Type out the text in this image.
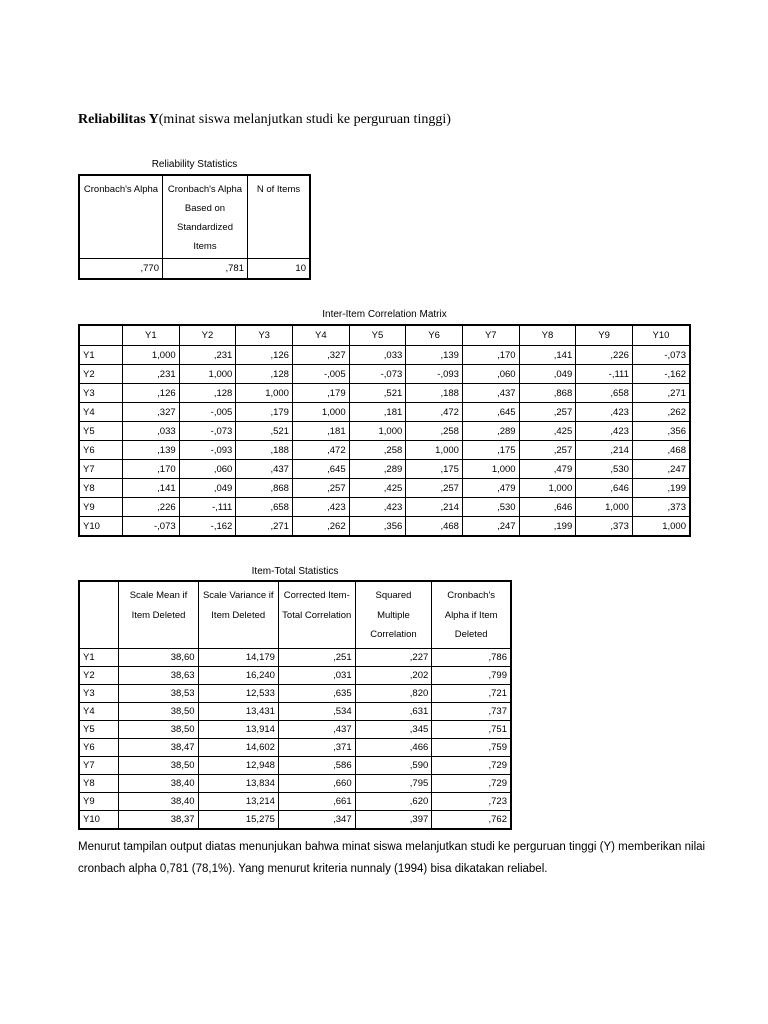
Reliabilitas Y(minat siswa melanjutkan studi ke perguruan tinggi)
Reliability Statistics
Cronbach's Alpha	Cronbach's Alpha Based on Standardized Items	N of Items
,770	,781	10
Inter-Item Correlation Matrix
	Y1	Y2	Y3	Y4	Y5	Y6	Y7	Y8	Y9	Y10
Y1	1,000	,231	,126	,327	,033	,139	,170	,141	,226	-,073
Y2	,231	1,000	,128	-,005	-,073	-,093	,060	,049	-,111	-,162
Y3	,126	,128	1,000	,179	,521	,188	,437	,868	,658	,271
Y4	,327	-,005	,179	1,000	,181	,472	,645	,257	,423	,262
Y5	,033	-,073	,521	,181	1,000	,258	,289	,425	,423	,356
Y6	,139	-,093	,188	,472	,258	1,000	,175	,257	,214	,468
Y7	,170	,060	,437	,645	,289	,175	1,000	,479	,530	,247
Y8	,141	,049	,868	,257	,425	,257	,479	1,000	,646	,199
Y9	,226	-,111	,658	,423	,423	,214	,530	,646	1,000	,373
Y10	-,073	-,162	,271	,262	,356	,468	,247	,199	,373	1,000
Item-Total Statistics
	Scale Mean if Item Deleted	Scale Variance if Item Deleted	Corrected Item-Total Correlation	Squared Multiple Correlation	Cronbach's Alpha if Item Deleted
Y1	38,60	14,179	,251	,227	,786
Y2	38,63	16,240	,031	,202	,799
Y3	38,53	12,533	,635	,820	,721
Y4	38,50	13,431	,534	,631	,737
Y5	38,50	13,914	,437	,345	,751
Y6	38,47	14,602	,371	,466	,759
Y7	38,50	12,948	,586	,590	,729
Y8	38,40	13,834	,660	,795	,729
Y9	38,40	13,214	,661	,620	,723
Y10	38,37	15,275	,347	,397	,762
Menurut tampilan output diatas menunjukan bahwa minat siswa melanjutkan studi ke perguruan tinggi (Y) memberikan nilai cronbach alpha 0,781 (78,1%). Yang menurut kriteria nunnaly (1994) bisa dikatakan reliabel.
